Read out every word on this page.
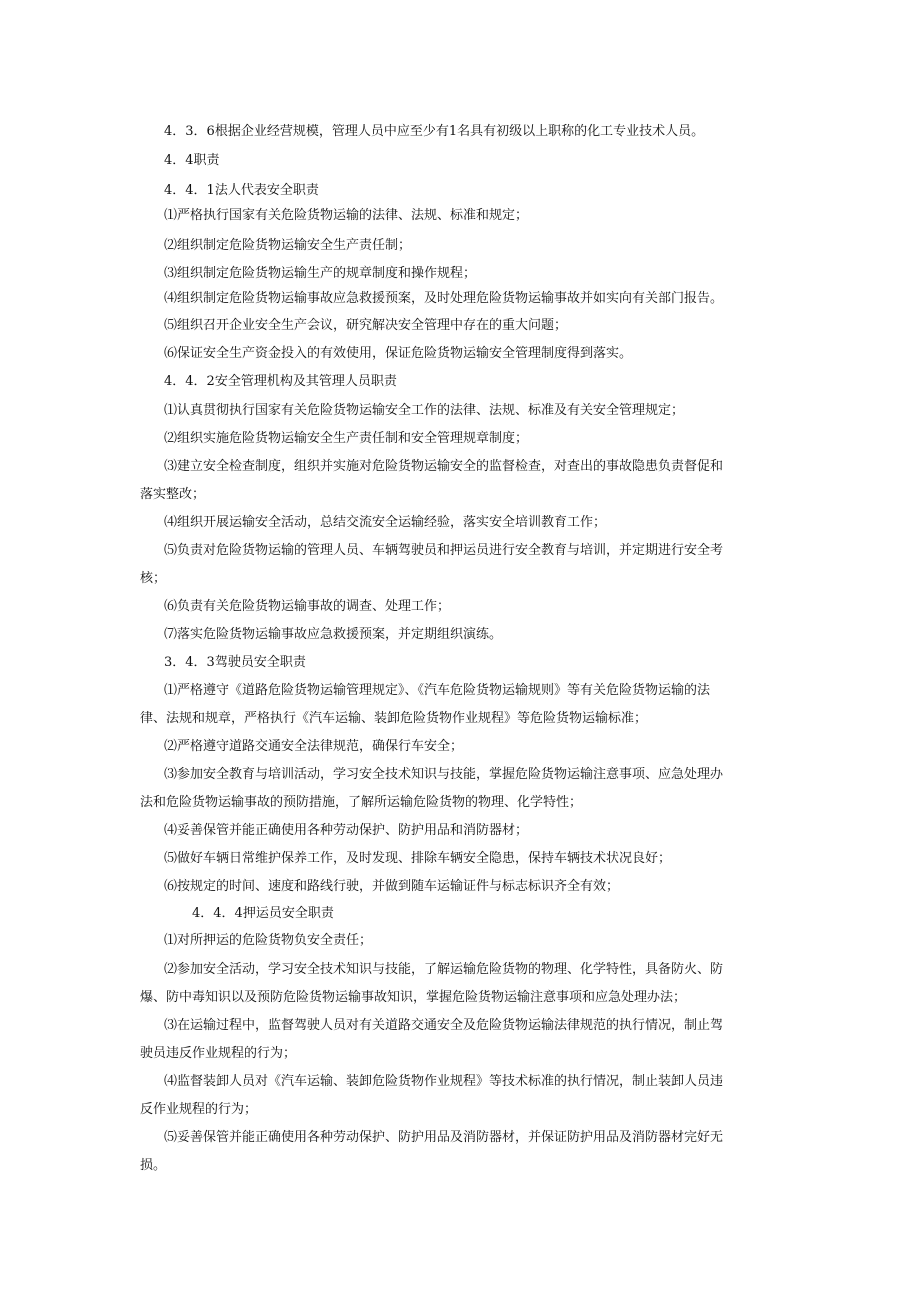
4．3．6根据企业经营规模，管理人员中应至少有1名具有初级以上职称的化工专业技术人员。
4．4职责
4．4．1法人代表安全职责
⑴严格执行国家有关危险货物运输的法律、法规、标准和规定；
⑵组织制定危险货物运输安全生产责任制；
⑶组织制定危险货物运输生产的规章制度和操作规程；
⑷组织制定危险货物运输事故应急救援预案，及时处理危险货物运输事故并如实向有关部门报告。
⑸组织召开企业安全生产会议，研究解决安全管理中存在的重大问题；
⑹保证安全生产资金投入的有效使用，保证危险货物运输安全管理制度得到落实。
4．4．2安全管理机构及其管理人员职责
⑴认真贯彻执行国家有关危险货物运输安全工作的法律、法规、标准及有关安全管理规定；
⑵组织实施危险货物运输安全生产责任制和安全管理规章制度；
⑶建立安全检查制度，组织并实施对危险货物运输安全的监督检查，对查出的事故隐患负责督促和
落实整改；
⑷组织开展运输安全活动，总结交流安全运输经验，落实安全培训教育工作；
⑸负责对危险货物运输的管理人员、车辆驾驶员和押运员进行安全教育与培训，并定期进行安全考
核；
⑹负责有关危险货物运输事故的调查、处理工作；
⑺落实危险货物运输事故应急救援预案，并定期组织演练。
3．4．3驾驶员安全职责
⑴严格遵守《道路危险货物运输管理规定》、《汽车危险货物运输规则》等有关危险货物运输的法
律、法规和规章，严格执行《汽车运输、装卸危险货物作业规程》等危险货物运输标准；
⑵严格遵守道路交通安全法律规范，确保行车安全；
⑶参加安全教育与培训活动，学习安全技术知识与技能，掌握危险货物运输注意事项、应急处理办
法和危险货物运输事故的预防措施，了解所运输危险货物的物理、化学特性；
⑷妥善保管并能正确使用各种劳动保护、防护用品和消防器材；
⑸做好车辆日常维护保养工作，及时发现、排除车辆安全隐患，保持车辆技术状况良好；
⑹按规定的时间、速度和路线行驶，并做到随车运输证件与标志标识齐全有效；
4．4．4押运员安全职责
⑴对所押运的危险货物负安全责任；
⑵参加安全活动，学习安全技术知识与技能，了解运输危险货物的物理、化学特性，具备防火、防
爆、防中毒知识以及预防危险货物运输事故知识，掌握危险货物运输注意事项和应急处理办法；
⑶在运输过程中，监督驾驶人员对有关道路交通安全及危险货物运输法律规范的执行情况，制止驾
驶员违反作业规程的行为；
⑷监督装卸人员对《汽车运输、装卸危险货物作业规程》等技术标准的执行情况，制止装卸人员违
反作业规程的行为；
⑸妥善保管并能正确使用各种劳动保护、防护用品及消防器材，并保证防护用品及消防器材完好无
损。
